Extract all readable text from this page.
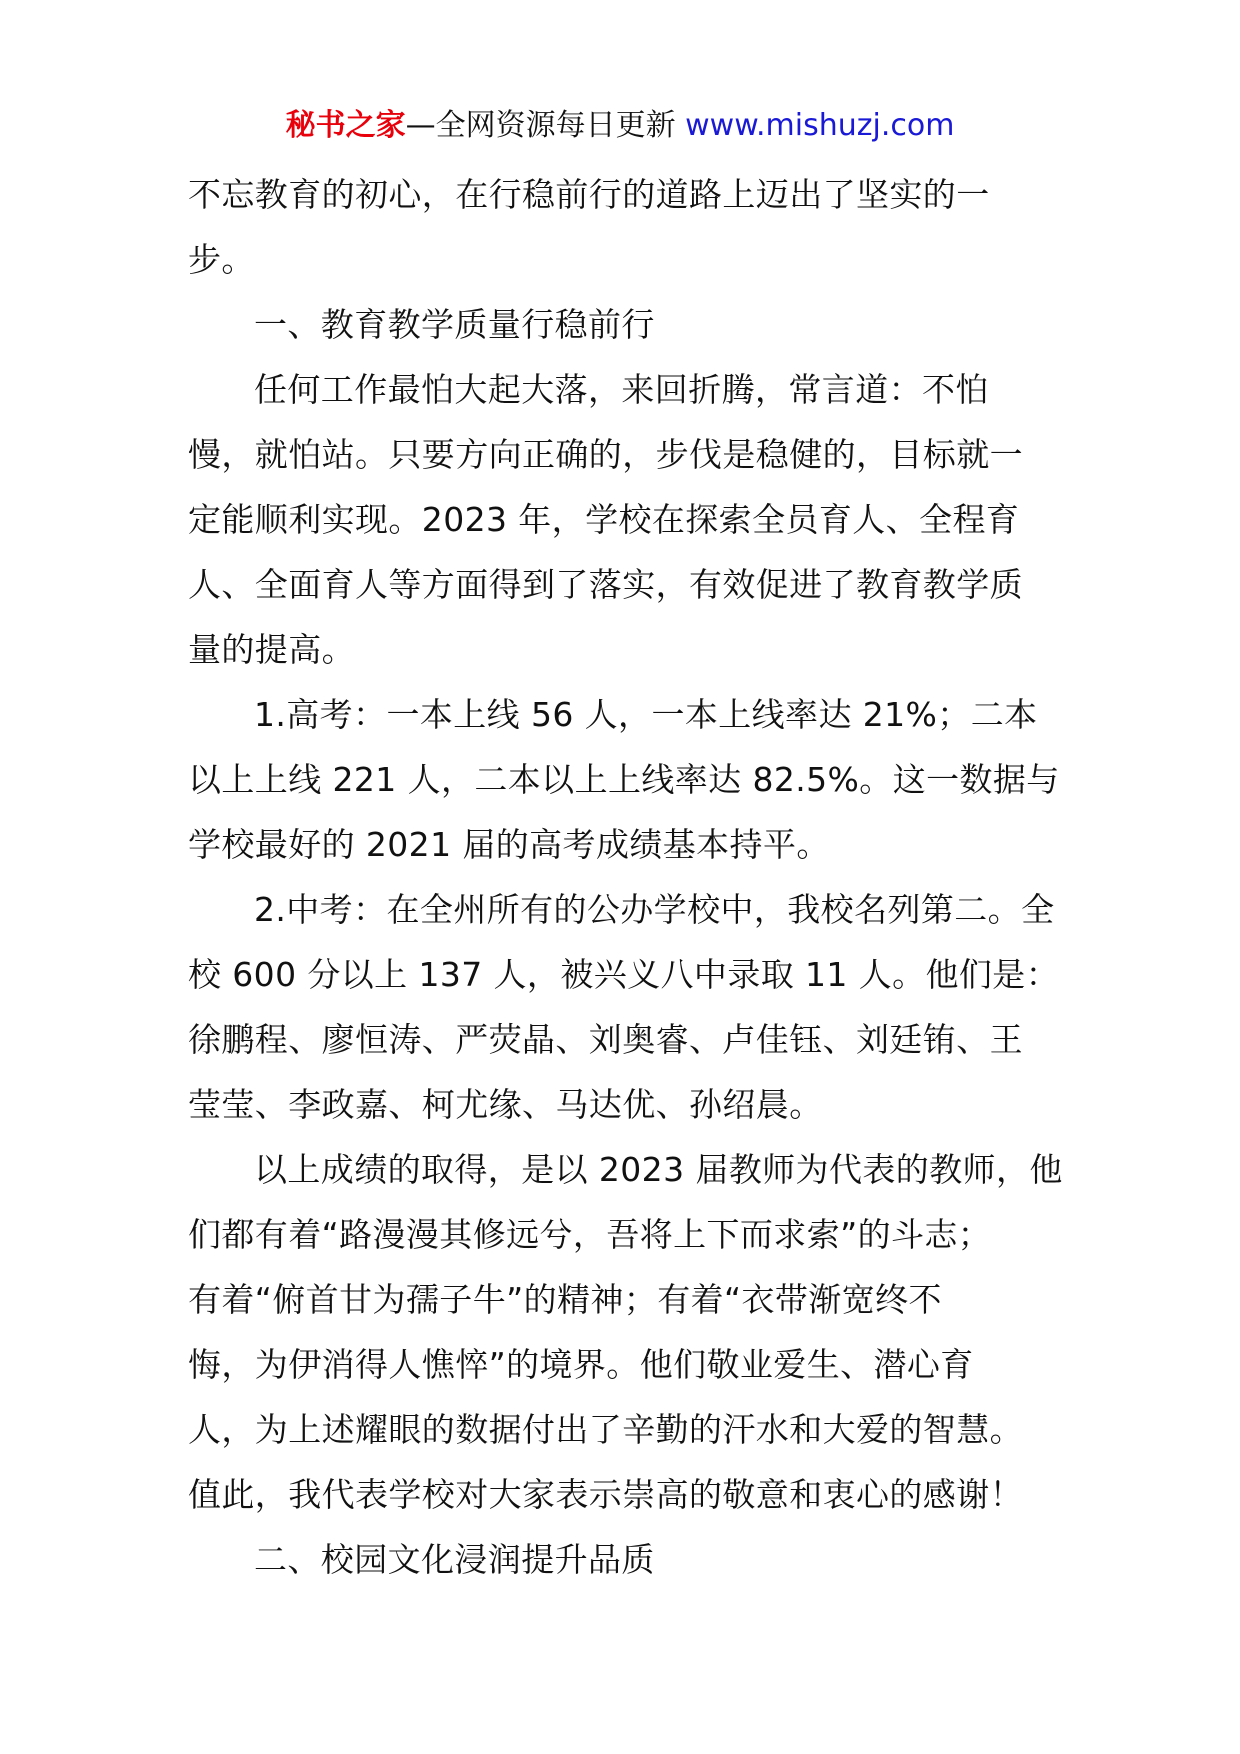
秘书之家—全网资源每日更新 www.mishuzj.com

不忘教育的初心，在行稳前行的道路上迈出了坚实的一
步。

一、教育教学质量行稳前行

任何工作最怕大起大落，来回折腾，常言道：不怕
慢，就怕站。只要方向正确的，步伐是稳健的，目标就一
定能顺利实现。2023 年，学校在探索全员育人、全程育
人、全面育人等方面得到了落实，有效促进了教育教学质
量的提高。

1.高考：一本上线 56 人，一本上线率达 21%；二本
以上上线 221 人，二本以上上线率达 82.5%。这一数据与
学校最好的 2021 届的高考成绩基本持平。

2.中考：在全州所有的公办学校中，我校名列第二。全
校 600 分以上 137 人，被兴义八中录取 11 人。他们是：
徐鹏程、廖恒涛、严荧晶、刘奥睿、卢佳钰、刘廷铕、王
莹莹、李政嘉、柯尤缘、马达优、孙绍晨。

以上成绩的取得，是以 2023 届教师为代表的教师，他
们都有着“路漫漫其修远兮，吾将上下而求索”的斗志；
有着“俯首甘为孺子牛”的精神；有着“衣带渐宽终不
悔，为伊消得人憔悴”的境界。他们敬业爱生、潜心育
人，为上述耀眼的数据付出了辛勤的汗水和大爱的智慧。
值此，我代表学校对大家表示崇高的敬意和衷心的感谢！

二、校园文化浸润提升品质
